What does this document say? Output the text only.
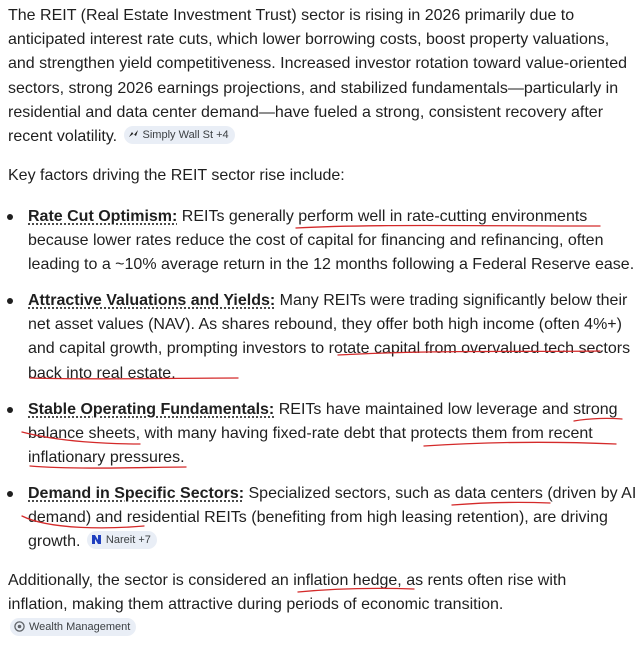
The REIT (Real Estate Investment Trust) sector is rising in 2026 primarily due to anticipated interest rate cuts, which lower borrowing costs, boost property valuations, and strengthen yield competitiveness. Increased investor rotation toward value-oriented sectors, strong 2026 earnings projections, and stabilized fundamentals—particularly in residential and data center demand—have fueled a strong, consistent recovery after recent volatility. Simply Wall St +4

Key factors driving the REIT sector rise include:

Rate Cut Optimism: REITs generally perform well in rate-cutting environments because lower rates reduce the cost of capital for financing and refinancing, often leading to a ~10% average return in the 12 months following a Federal Reserve ease.
Attractive Valuations and Yields: Many REITs were trading significantly below their net asset values (NAV). As shares rebound, they offer both high income (often 4%+) and capital growth, prompting investors to rotate capital from overvalued tech sectors back into real estate.
Stable Operating Fundamentals: REITs have maintained low leverage and strong balance sheets, with many having fixed-rate debt that protects them from recent inflationary pressures.
Demand in Specific Sectors: Specialized sectors, such as data centers (driven by AI demand) and residential REITs (benefiting from high leasing retention), are driving growth. Nareit +7

Additionally, the sector is considered an inflation hedge, as rents often rise with inflation, making them attractive during periods of economic transition.
Wealth Management
